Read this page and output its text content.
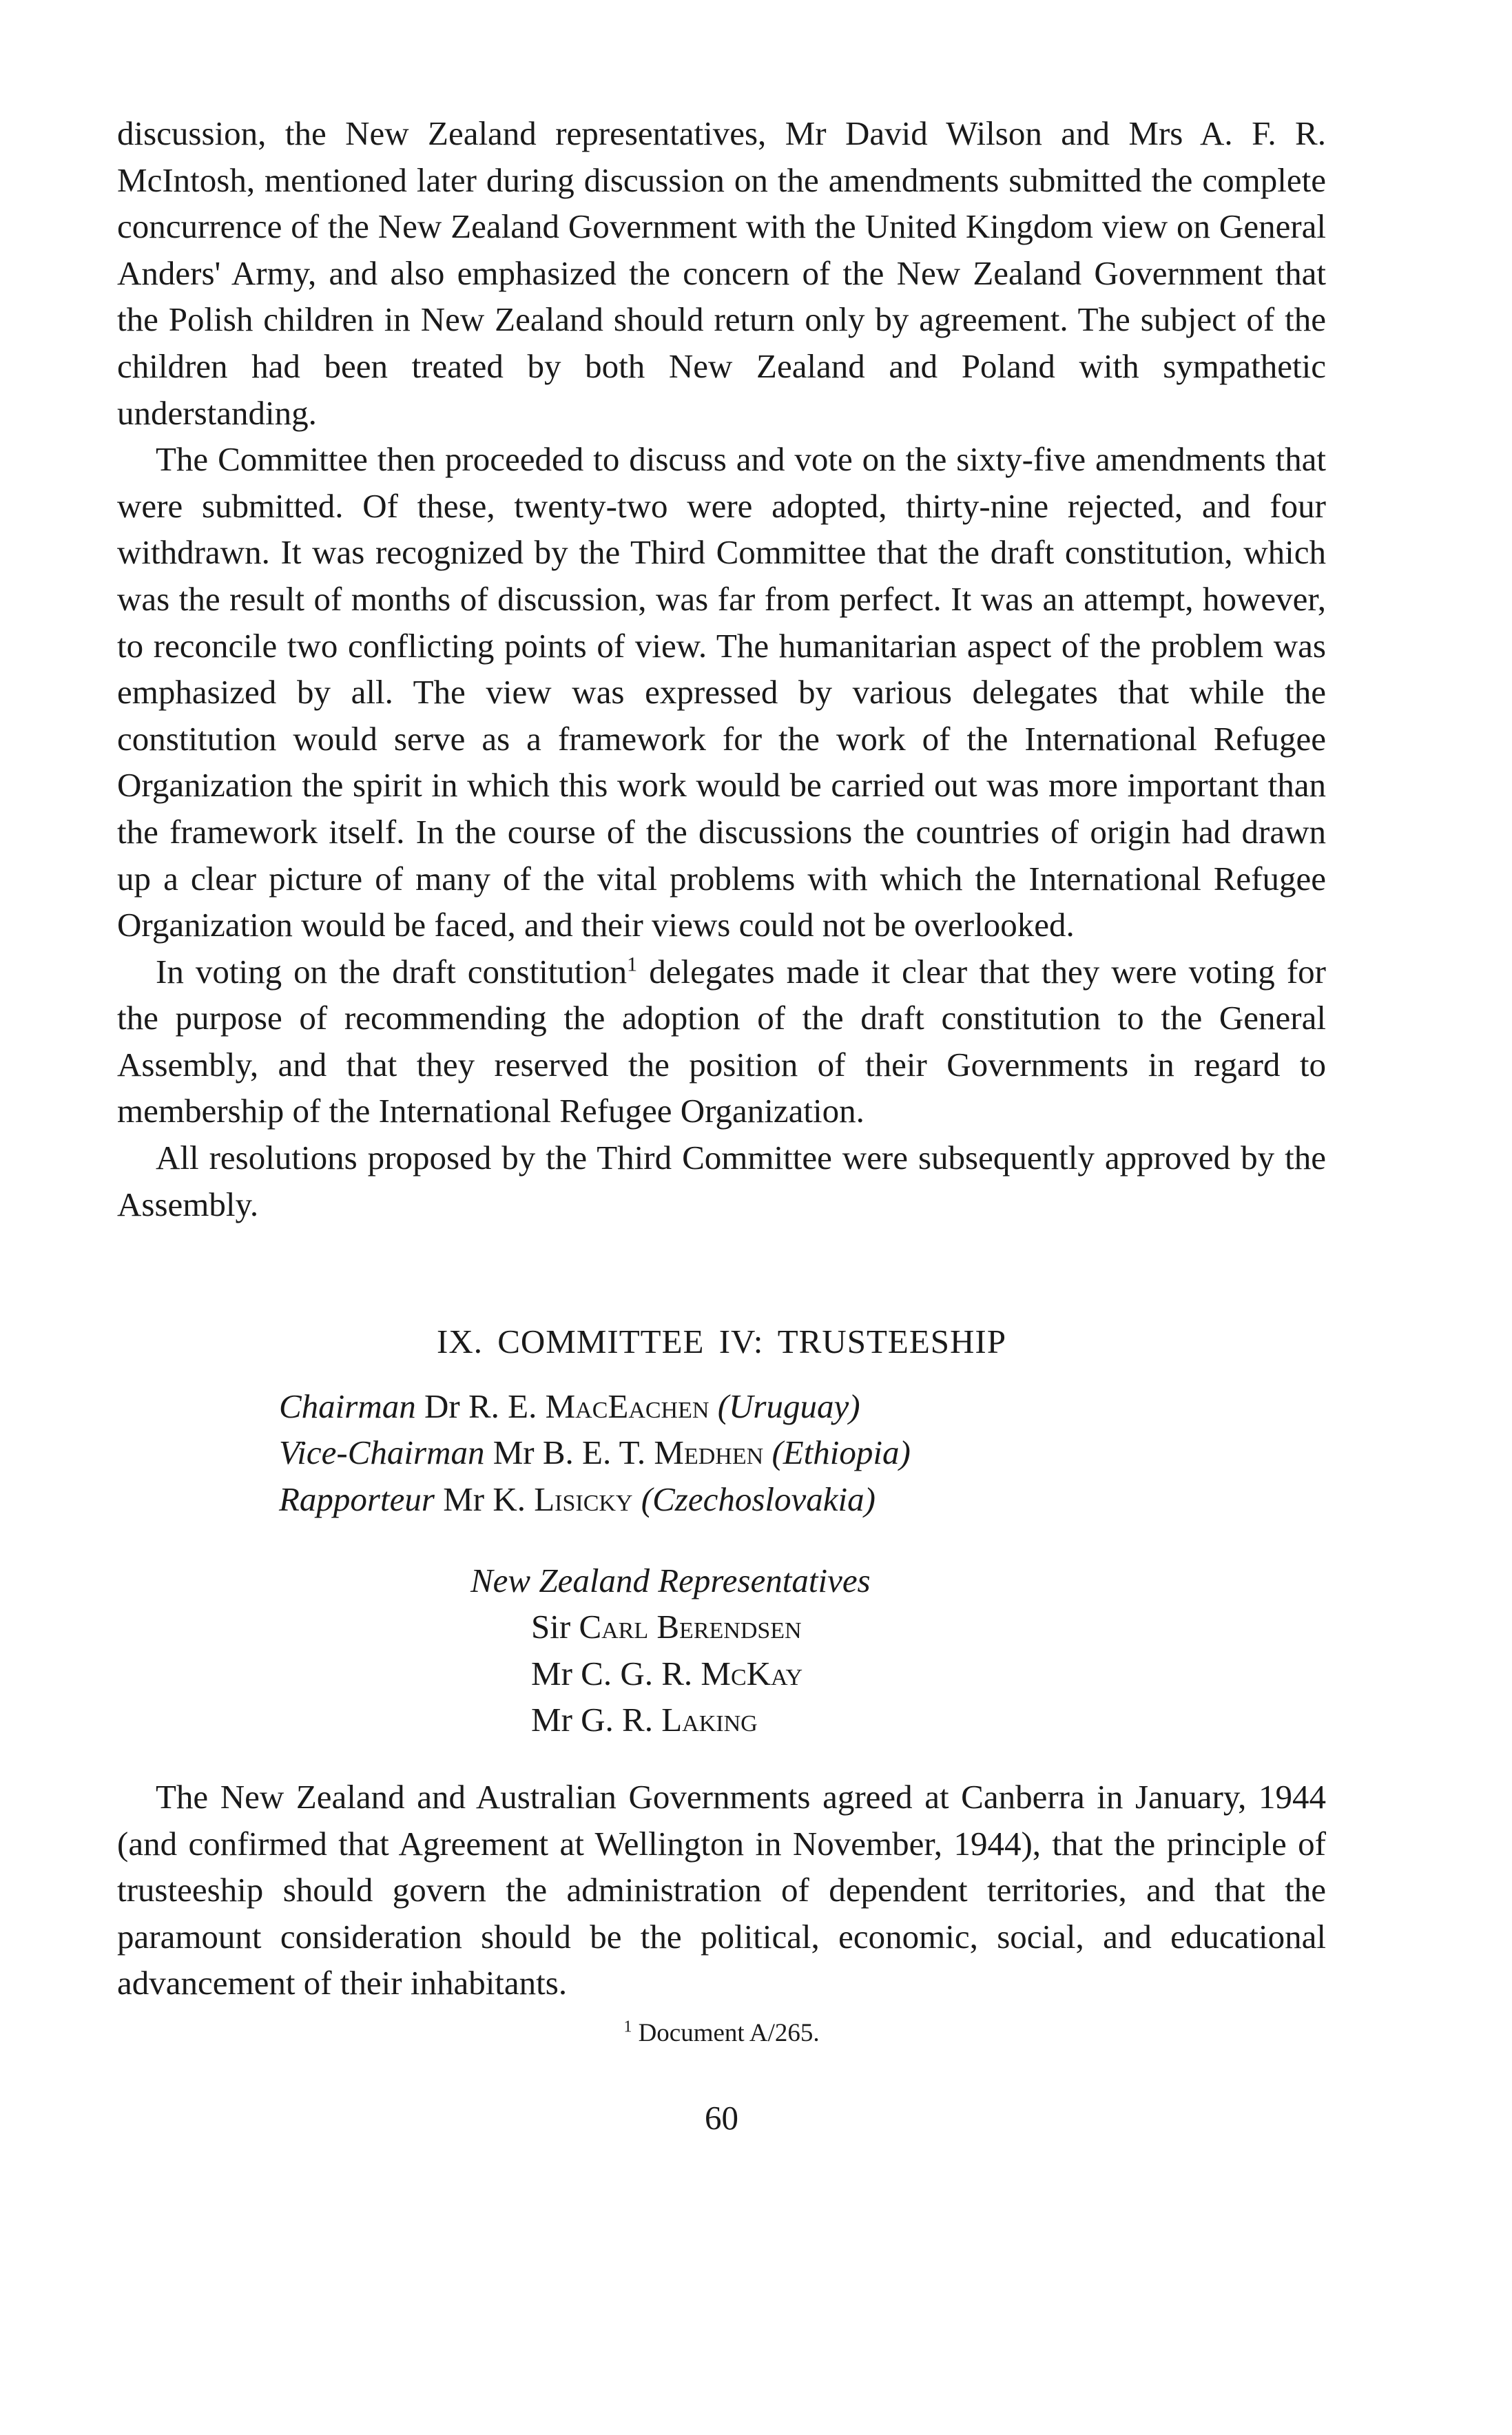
discussion, the New Zealand representatives, Mr David Wilson and Mrs A. F. R. McIntosh, mentioned later during discussion on the amendments submitted the complete concurrence of the New Zealand Government with the United Kingdom view on General Anders' Army, and also emphasized the concern of the New Zealand Government that the Polish children in New Zealand should return only by agreement. The subject of the children had been treated by both New Zealand and Poland with sympathetic understanding.

The Committee then proceeded to discuss and vote on the sixty-five amendments that were submitted. Of these, twenty-two were adopted, thirty-nine rejected, and four withdrawn. It was recognized by the Third Committee that the draft constitution, which was the result of months of discussion, was far from perfect. It was an attempt, however, to reconcile two conflicting points of view. The humanitarian aspect of the problem was emphasized by all. The view was expressed by various delegates that while the constitution would serve as a framework for the work of the International Refugee Organization the spirit in which this work would be carried out was more important than the framework itself. In the course of the discussions the countries of origin had drawn up a clear picture of many of the vital problems with which the International Refugee Organization would be faced, and their views could not be overlooked.

In voting on the draft constitution$^1$ delegates made it clear that they were voting for the purpose of recommending the adoption of the draft constitution to the General Assembly, and that they reserved the position of their Governments in regard to membership of the International Refugee Organization.

All resolutions proposed by the Third Committee were subsequently approved by the Assembly.

IX. COMMITTEE IV: TRUSTEESHIP
Chairman Dr R. E. MacEachen (Uruguay)
Vice-Chairman Mr B. E. T. Medhen (Ethiopia)
Rapporteur Mr K. Lisicky (Czechoslovakia)
New Zealand Representatives
Sir Carl Berendsen
Mr C. G. R. McKay
Mr G. R. Laking

The New Zealand and Australian Governments agreed at Canberra in January, 1944 (and confirmed that Agreement at Wellington in November, 1944), that the principle of trusteeship should govern the administration of dependent territories, and that the paramount consideration should be the political, economic, social, and educational advancement of their inhabitants.

$^1$ Document A/265.
60
